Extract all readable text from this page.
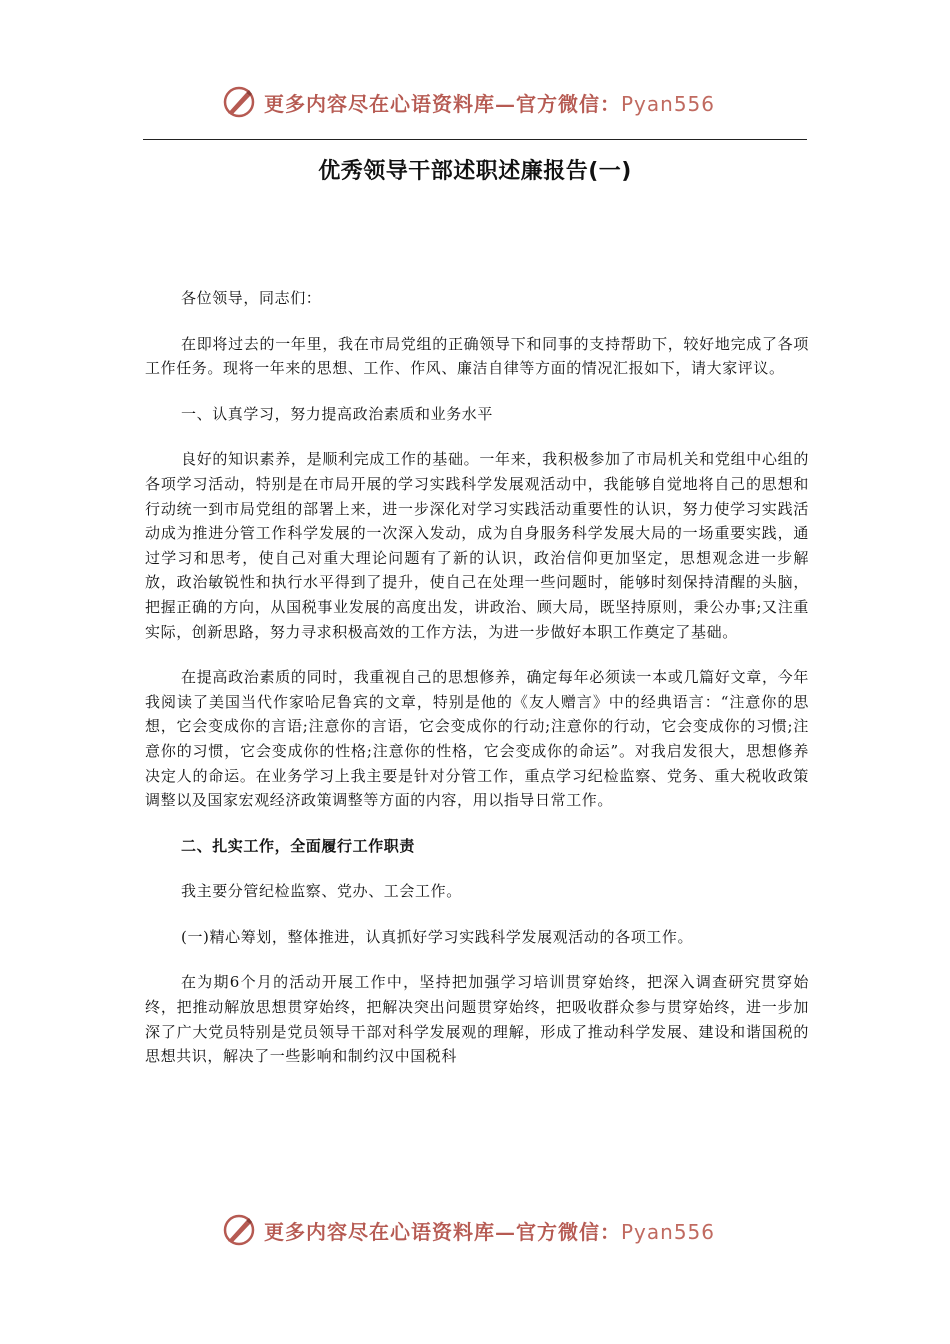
更多内容尽在心语资料库—官方微信：Pyan556
优秀领导干部述职述廉报告(一)

各位领导，同志们：

在即将过去的一年里，我在市局党组的正确领导下和同事的支持帮助下，较好地完成了各项工作任务。现将一年来的思想、工作、作风、廉洁自律等方面的情况汇报如下，请大家评议。

一、认真学习，努力提高政治素质和业务水平

良好的知识素养，是顺利完成工作的基础。一年来，我积极参加了市局机关和党组中心组的各项学习活动，特别是在市局开展的学习实践科学发展观活动中，我能够自觉地将自己的思想和行动统一到市局党组的部署上来，进一步深化对学习实践活动重要性的认识，努力使学习实践活动成为推进分管工作科学发展的一次深入发动，成为自身服务科学发展大局的一场重要实践，通过学习和思考，使自己对重大理论问题有了新的认识，政治信仰更加坚定，思想观念进一步解放，政治敏锐性和执行水平得到了提升，使自己在处理一些问题时，能够时刻保持清醒的头脑，把握正确的方向，从国税事业发展的高度出发，讲政治、顾大局，既坚持原则，秉公办事;又注重实际，创新思路，努力寻求积极高效的工作方法，为进一步做好本职工作奠定了基础。

在提高政治素质的同时，我重视自己的思想修养，确定每年必须读一本或几篇好文章，今年我阅读了美国当代作家哈尼鲁宾的文章，特别是他的《友人赠言》中的经典语言：“注意你的思想，它会变成你的言语;注意你的言语，它会变成你的行动;注意你的行动，它会变成你的习惯;注意你的习惯，它会变成你的性格;注意你的性格，它会变成你的命运”。对我启发很大，思想修养决定人的命运。在业务学习上我主要是针对分管工作，重点学习纪检监察、党务、重大税收政策调整以及国家宏观经济政策调整等方面的内容，用以指导日常工作。

二、扎实工作，全面履行工作职责

我主要分管纪检监察、党办、工会工作。

(一)精心筹划，整体推进，认真抓好学习实践科学发展观活动的各项工作。

在为期6个月的活动开展工作中，坚持把加强学习培训贯穿始终，把深入调查研究贯穿始终，把推动解放思想贯穿始终，把解决突出问题贯穿始终，把吸收群众参与贯穿始终，进一步加深了广大党员特别是党员领导干部对科学发展观的理解，形成了推动科学发展、建设和谐国税的思想共识，解决了一些影响和制约汉中国税科

更多内容尽在心语资料库—官方微信：Pyan556
